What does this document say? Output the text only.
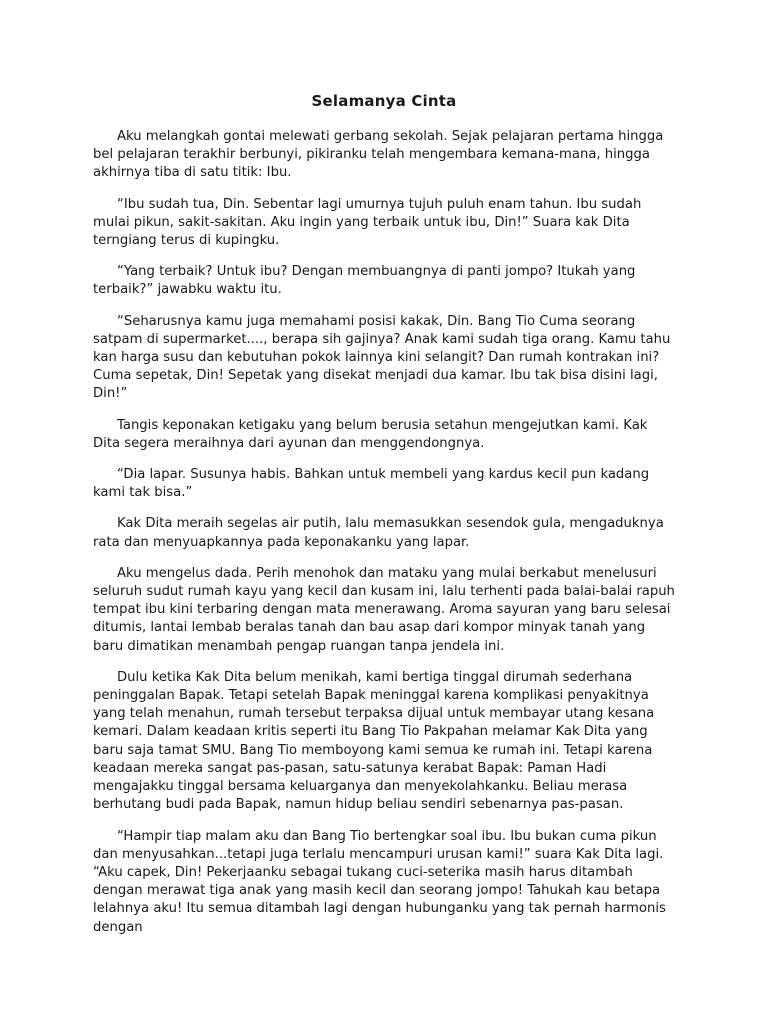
Selamanya Cinta

Aku melangkah gontai melewati gerbang sekolah. Sejak pelajaran pertama hingga bel pelajaran terakhir berbunyi, pikiranku telah mengembara kemana-mana, hingga akhirnya tiba di satu titik: Ibu.

“Ibu sudah tua, Din. Sebentar lagi umurnya tujuh puluh enam tahun. Ibu sudah mulai pikun, sakit-sakitan. Aku ingin yang terbaik untuk ibu, Din!” Suara kak Dita terngiang terus di kupingku.

“Yang terbaik? Untuk ibu? Dengan membuangnya di panti jompo? Itukah yang terbaik?” jawabku waktu itu.

“Seharusnya kamu juga memahami posisi kakak, Din. Bang Tio Cuma seorang satpam di supermarket...., berapa sih gajinya? Anak kami sudah tiga orang. Kamu tahu kan harga susu dan kebutuhan pokok lainnya kini selangit? Dan rumah kontrakan ini? Cuma sepetak, Din! Sepetak yang disekat menjadi dua kamar. Ibu tak bisa disini lagi, Din!”

Tangis keponakan ketigaku yang belum berusia setahun mengejutkan kami. Kak Dita segera meraihnya dari ayunan dan menggendongnya.

“Dia lapar. Susunya habis. Bahkan untuk membeli yang kardus kecil pun kadang kami tak bisa.”

Kak Dita meraih segelas air putih, lalu memasukkan sesendok gula, mengaduknya rata dan menyuapkannya pada keponakanku yang lapar.

Aku mengelus dada. Perih menohok dan mataku yang mulai berkabut menelusuri seluruh sudut rumah kayu yang kecil dan kusam ini, lalu terhenti pada balai-balai rapuh tempat ibu kini terbaring dengan mata menerawang. Aroma sayuran yang baru selesai ditumis, lantai lembab beralas tanah dan bau asap dari kompor minyak tanah yang baru dimatikan menambah pengap ruangan tanpa jendela ini.

Dulu ketika Kak Dita belum menikah, kami bertiga tinggal dirumah sederhana peninggalan Bapak. Tetapi setelah Bapak meninggal karena komplikasi penyakitnya yang telah menahun, rumah tersebut terpaksa dijual untuk membayar utang kesana kemari. Dalam keadaan kritis seperti itu Bang Tio Pakpahan melamar Kak Dita yang baru saja tamat SMU. Bang Tio memboyong kami semua ke rumah ini. Tetapi karena keadaan mereka sangat pas-pasan, satu-satunya kerabat Bapak: Paman Hadi mengajakku tinggal bersama keluarganya dan menyekolahkanku. Beliau merasa berhutang budi pada Bapak, namun hidup beliau sendiri sebenarnya pas-pasan.

“Hampir tiap malam aku dan Bang Tio bertengkar soal ibu. Ibu bukan cuma pikun dan menyusahkan...tetapi juga terlalu mencampuri urusan kami!” suara Kak Dita lagi. “Aku capek, Din! Pekerjaanku sebagai tukang cuci-seterika masih harus ditambah dengan merawat tiga anak yang masih kecil dan seorang jompo! Tahukah kau betapa lelahnya aku! Itu semua ditambah lagi dengan hubunganku yang tak pernah harmonis dengan
